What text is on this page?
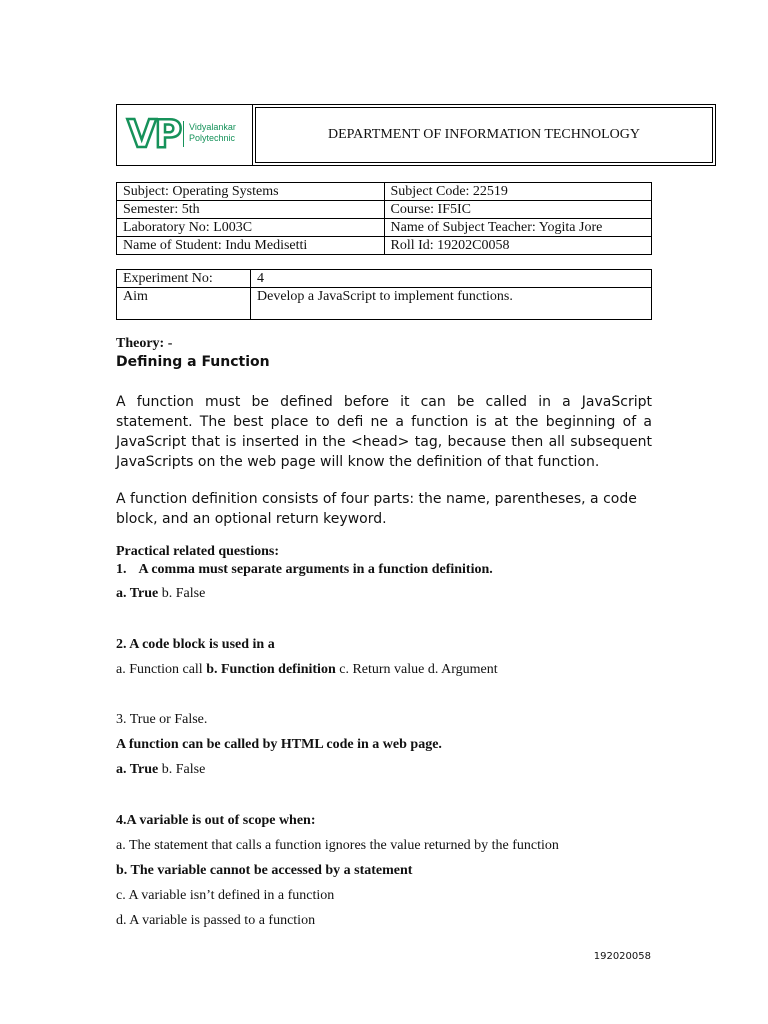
VP Vidyalankar
Polytechnic	DEPARTMENT OF INFORMATION TECHNOLOGY
Subject: Operating Systems	Subject Code: 22519
Semester: 5th	Course: IF5IC
Laboratory No: L003C	Name of Subject Teacher: Yogita Jore
Name of Student: Indu Medisetti	Roll Id: 19202C0058
Experiment No:	4
Aim	Develop a JavaScript to implement functions.
Theory: -
Defining a Function
A function must be defined before it can be called in a JavaScript statement. The best place to defi ne a function is at the beginning of a JavaScript that is inserted in the <head> tag, because then all subsequent JavaScripts on the web page will know the definition of that function.
A function definition consists of four parts: the name, parentheses, a code block, and an optional return keyword.
Practical related questions:
1. A comma must separate arguments in a function definition.
a. True b. False
2. A code block is used in a
a. Function call b. Function definition c. Return value d. Argument
3. True or False.
A function can be called by HTML code in a web page.
a. True b. False
4.A variable is out of scope when:
a. The statement that calls a function ignores the value returned by the function
b. The variable cannot be accessed by a statement
c. A variable isn’t defined in a function
d. A variable is passed to a function
192020058
